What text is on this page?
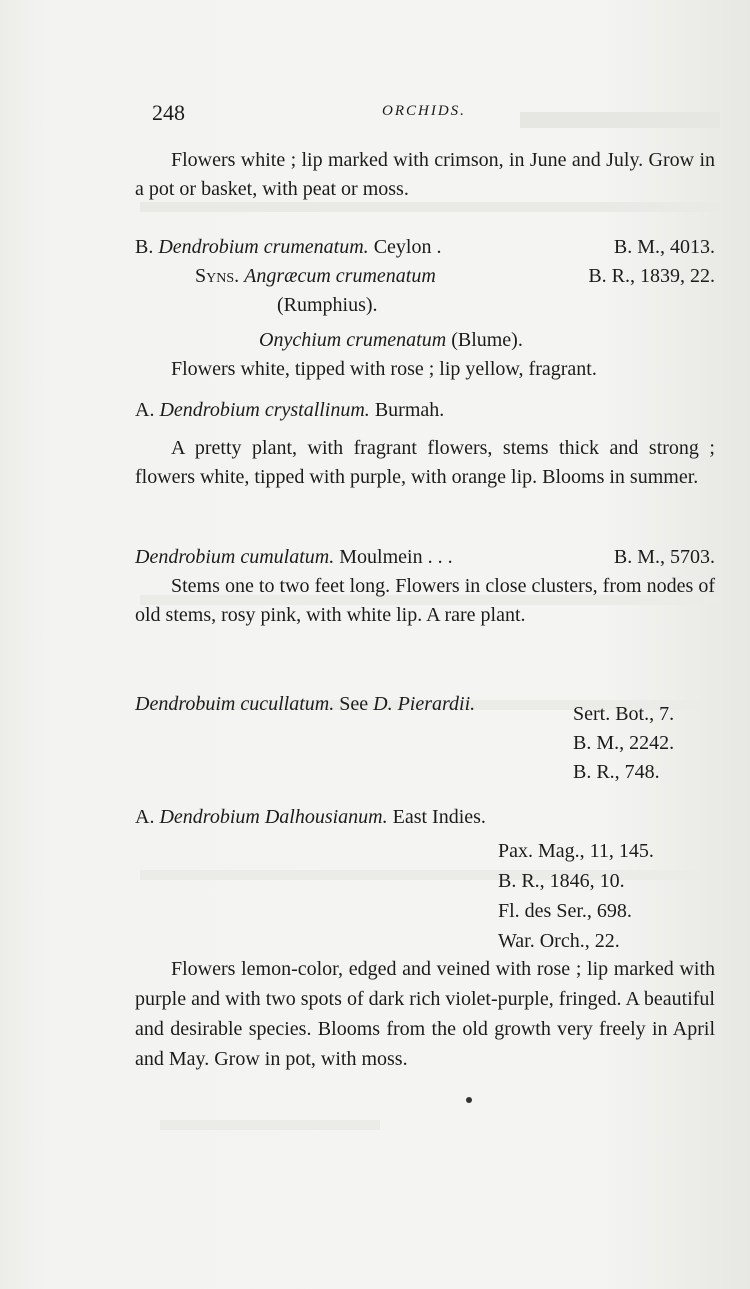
248	ORCHIDS.

Flowers white ; lip marked with crimson, in June and July. Grow in a pot or basket, with peat or moss.

B. Dendrobium crumenatum. Ceylon .	B. M., 4013.
Syns. Angræcum crumenatum	B. R., 1839, 22.
(Rumphius).
Onychium crumenatum (Blume).

Flowers white, tipped with rose ; lip yellow, fragrant.

A. Dendrobium crystallinum. Burmah.

A pretty plant, with fragrant flowers, stems thick and strong ; flowers white, tipped with purple, with orange lip. Blooms in summer.

Dendrobium cumulatum. Moulmein . . .	B. M., 5703.

Stems one to two feet long. Flowers in close clusters, from nodes of old stems, rosy pink, with white lip. A rare plant.

Dendrobuim cucullatum. See D. Pierardii.	Sert. Bot., 7.
B. M., 2242.
B. R., 748.
A. Dendrobium Dalhousianum. East Indies.
Pax. Mag., 11, 145.
B. R., 1846, 10.
Fl. des Ser., 698.
War. Orch., 22.

Flowers lemon-color, edged and veined with rose ; lip marked with purple and with two spots of dark rich violet-purple, fringed. A beautiful and desirable species. Blooms from the old growth very freely in April and May. Grow in pot, with moss.
